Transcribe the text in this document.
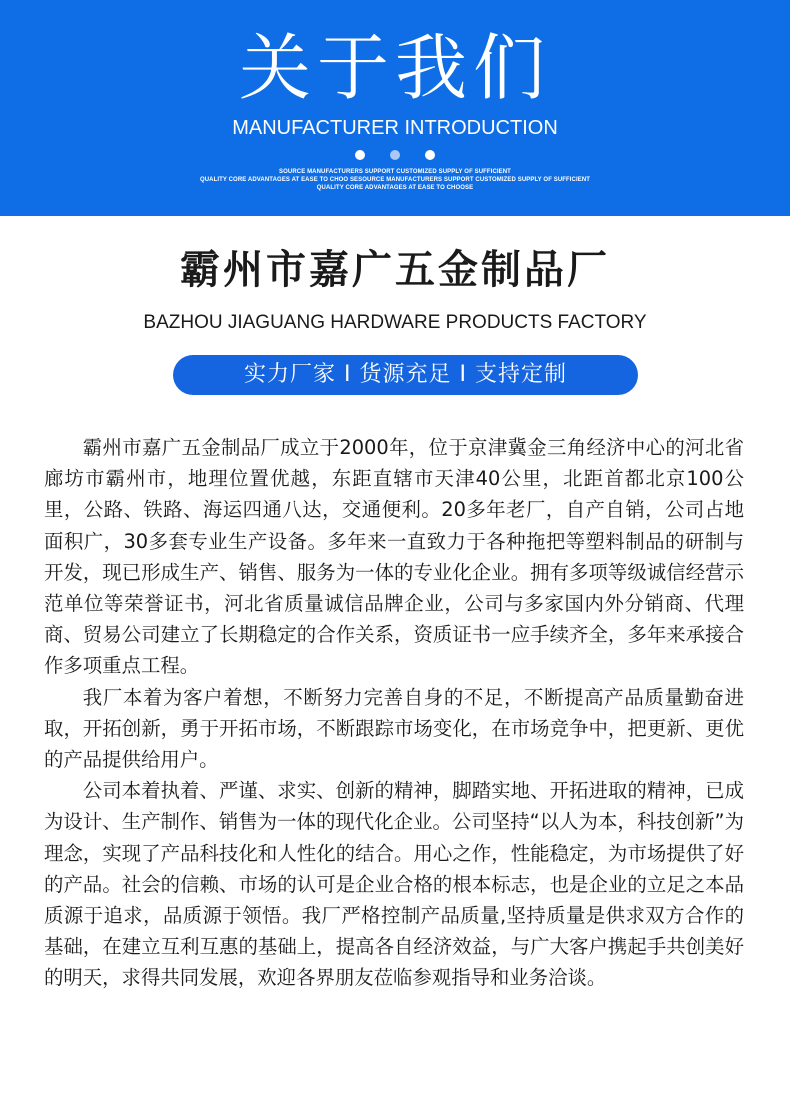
关于我们
MANUFACTURER INTRODUCTION
SOURCE MANUFACTURERS SUPPORT CUSTOMIZED SUPPLY OF SUFFICIENT
QUALITY CORE ADVANTAGES AT EASE TO CHOO SESOURCE MANUFACTURERS SUPPORT CUSTOMIZED SUPPLY OF SUFFICIENT
QUALITY CORE ADVANTAGES AT EASE TO CHOOSE
霸州市嘉广五金制品厂
BAZHOU JIAGUANG HARDWARE PRODUCTS FACTORY
实力厂家 I 货源充足 I 支持定制

霸州市嘉广五金制品厂成立于2000年，位于京津冀金三角经济中心的河北省廊坊市霸州市，地理位置优越，东距直辖市天津40公里，北距首都北京100公里，公路、铁路、海运四通八达，交通便利。20多年老厂，自产自销，公司占地面积广，30多套专业生产设备。多年来一直致力于各种拖把等塑料制品的研制与开发，现已形成生产、销售、服务为一体的专业化企业。拥有多项等级诚信经营示范单位等荣誉证书，河北省质量诚信品牌企业，公司与多家国内外分销商、代理商、贸易公司建立了长期稳定的合作关系，资质证书一应手续齐全，多年来承接合作多项重点工程。

我厂本着为客户着想，不断努力完善自身的不足，不断提高产品质量勤奋进取，开拓创新，勇于开拓市场，不断跟踪市场变化，在市场竞争中，把更新、更优的产品提供给用户。

公司本着执着、严谨、求实、创新的精神，脚踏实地、开拓进取的精神，已成为设计、生产制作、销售为一体的现代化企业。公司坚持“以人为本，科技创新”为理念，实现了产品科技化和人性化的结合。用心之作，性能稳定，为市场提供了好的产品。社会的信赖、市场的认可是企业合格的根本标志，也是企业的立足之本品质源于追求，品质源于领悟。我厂严格控制产品质量,坚持质量是供求双方合作的基础，在建立互利互惠的基础上，提高各自经济效益，与广大客户携起手共创美好的明天，求得共同发展，欢迎各界朋友莅临参观指导和业务洽谈。
